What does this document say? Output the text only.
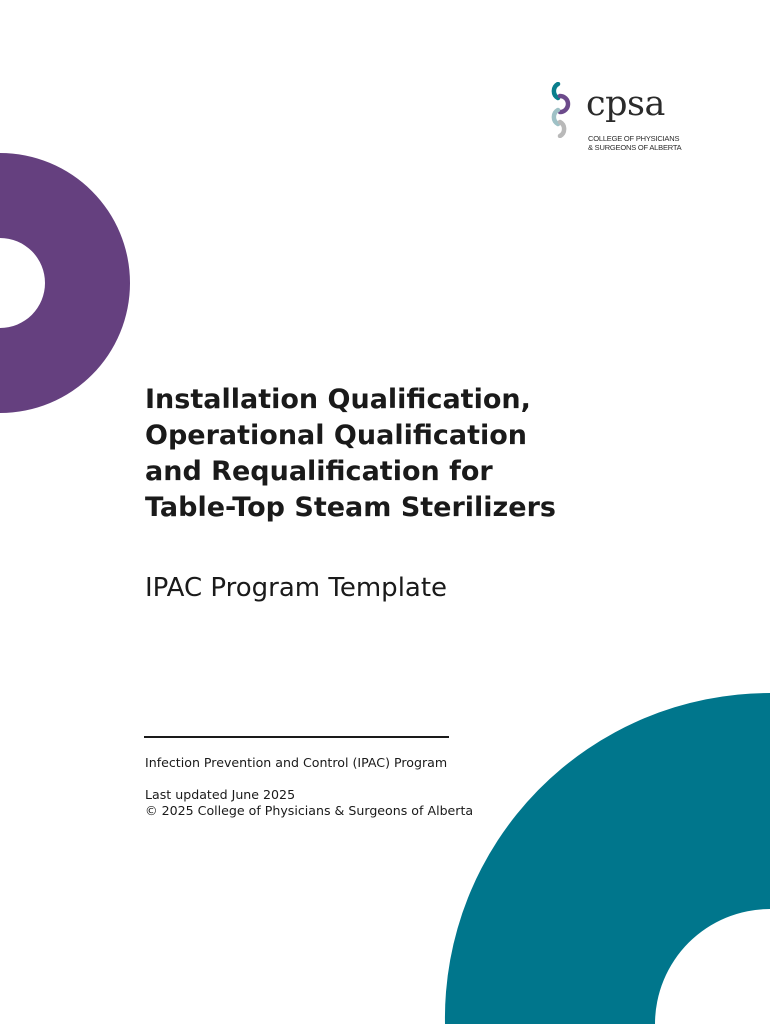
cpsa
COLLEGE OF PHYSICIANS
& SURGEONS OF ALBERTA
Installation Qualification,
Operational Qualification
and Requalification for
Table-Top Steam Sterilizers
IPAC Program Template
Infection Prevention and Control (IPAC) Program
Last updated June 2025
© 2025 College of Physicians & Surgeons of Alberta
